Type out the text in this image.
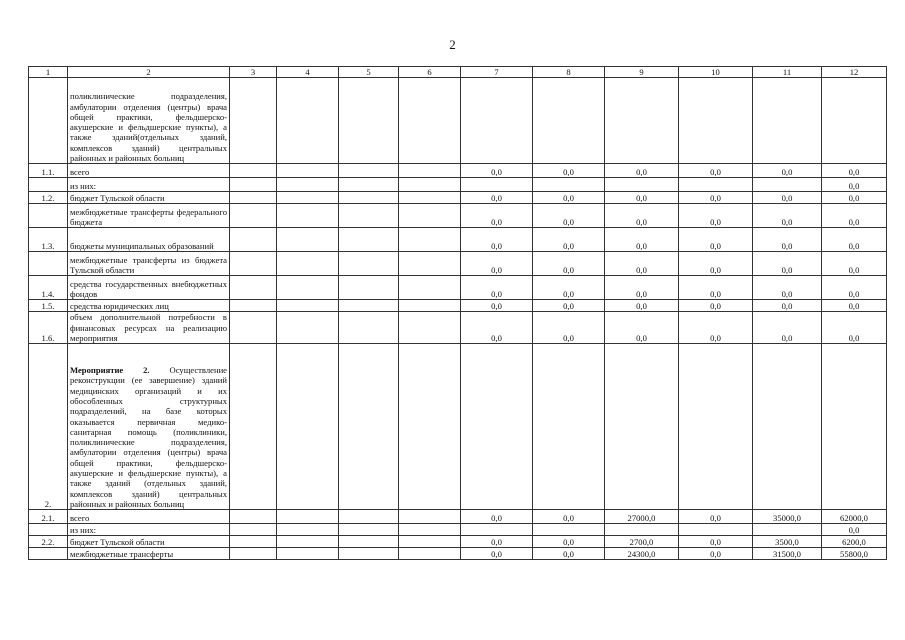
2
1	2	3	4	5	6	7	8	9	10	11	12
	поликлинические подразделения, амбулатории отделения (центры) врача общей практики, фельдшерско-акушерские и фельдшерские пункты), а также зданий(отдельных зданий, комплексов зданий) центральных районных и районных больниц										
1.1.	всего					0,0	0,0	0,0	0,0	0,0	0,0
	из них:										0,0
1.2.	бюджет Тульской области					0,0	0,0	0,0	0,0	0,0	0,0
	межбюджетные трансферты федерального бюджета					0,0	0,0	0,0	0,0	0,0	0,0
1.3.	бюджеты муниципальных образований					0,0	0,0	0,0	0,0	0,0	0,0
	межбюджетные трансферты из бюджета Тульской области					0,0	0,0	0,0	0,0	0,0	0,0
1.4.	средства государственных внебюджетных фондов					0,0	0,0	0,0	0,0	0,0	0,0
1.5.	средства юридических лиц					0,0	0,0	0,0	0,0	0,0	0,0
1.6.	объем дополнительной потребности в финансовых ресурсах на реализацию мероприятия					0,0	0,0	0,0	0,0	0,0	0,0
2.	Мероприятие 2. Осуществление реконструкции (ее завершение) зданий медицинских организаций и их обособленных структурных подразделений, на базе которых оказывается первичная медико-санитарная помощь (поликлиники, поликлинические подразделения, амбулатории отделения (центры) врача общей практики, фельдшерско-акушерские и фельдшерские пункты), а также зданий (отдельных зданий, комплексов зданий) центральных районных и районных больниц										
2.1.	всего					0,0	0,0	27000,0	0,0	35000,0	62000,0
	из них:										0,0
2.2.	бюджет Тульской области					0,0	0,0	2700,0	0,0	3500,0	6200,0
	межбюджетные трансферты					0,0	0,0	24300,0	0,0	31500,0	55800,0
